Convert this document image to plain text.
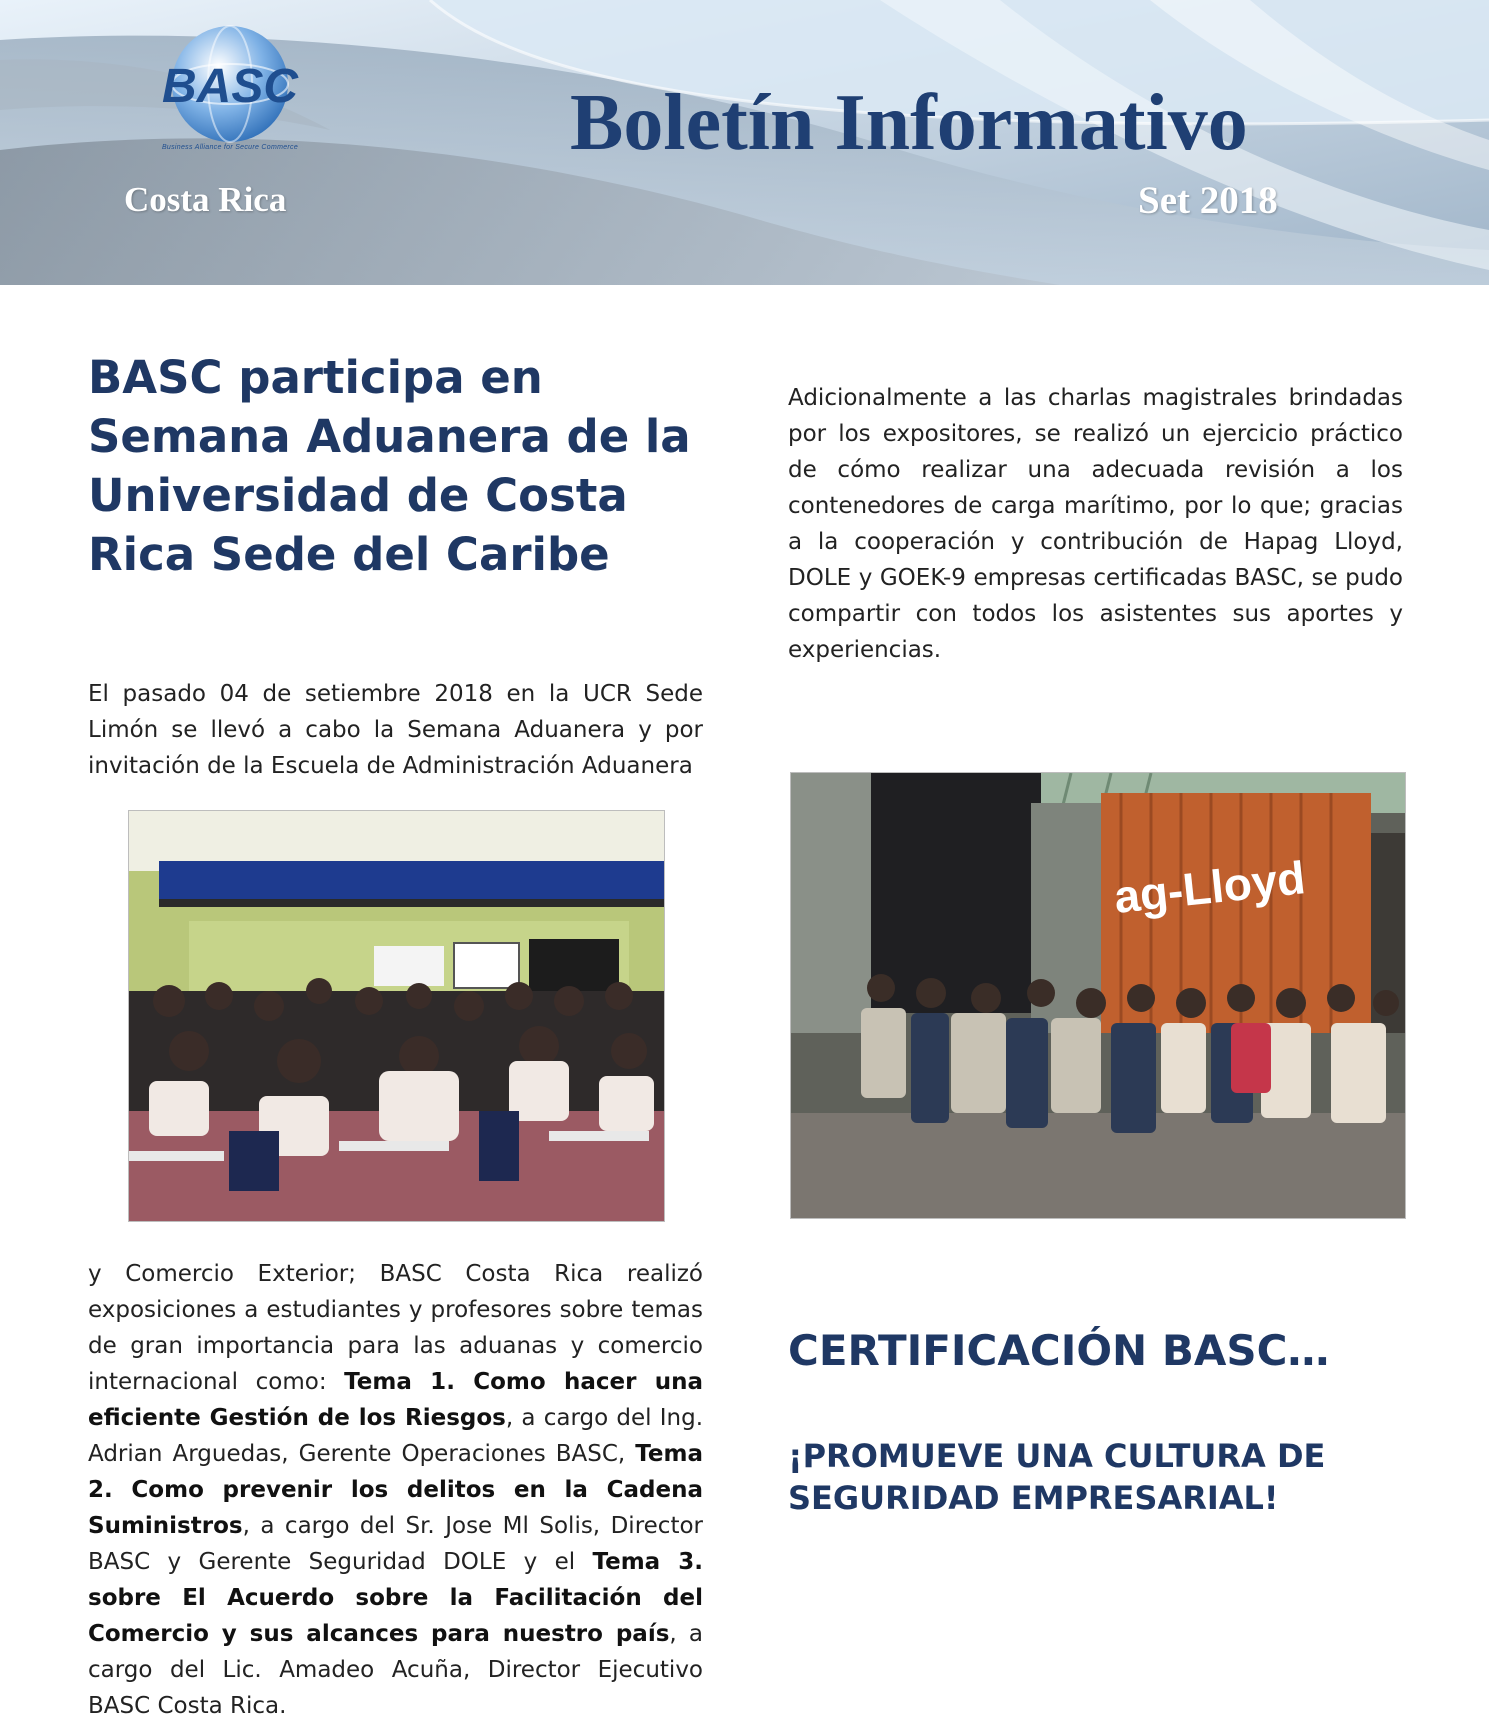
BASC
Business Alliance for Secure Commerce
Costa Rica
Boletín Informativo
Set 2018
BASC participa en Semana Aduanera de la Universidad de Costa Rica Sede del Caribe

El pasado 04 de setiembre 2018 en la UCR Sede Limón se llevó a cabo la Semana Aduanera y por invitación de la Escuela de Administración Aduanera

y Comercio Exterior; BASC Costa Rica realizó exposiciones a estudiantes y profesores sobre temas de gran importancia para las aduanas y comercio internacional como: Tema 1. Como hacer una eficiente Gestión de los Riesgos, a cargo del Ing. Adrian Arguedas, Gerente Operaciones BASC, Tema 2. Como prevenir los delitos en la Cadena Suministros, a cargo del Sr. Jose Ml Solis, Director BASC y Gerente Seguridad DOLE y el Tema 3. sobre El Acuerdo sobre la Facilitación del Comercio y sus alcances para nuestro país, a cargo del Lic. Amadeo Acuña, Director Ejecutivo BASC Costa Rica.

Adicionalmente a las charlas magistrales brindadas por los expositores, se realizó un ejercicio práctico de cómo realizar una adecuada revisión a los contenedores de carga marítimo, por lo que; gracias a la cooperación y contribución de Hapag Lloyd, DOLE y GOEK-9 empresas certificadas BASC, se pudo compartir con todos los asistentes sus aportes y experiencias.

ag-Lloyd
CERTIFICACIÓN BASC…

¡PROMUEVE UNA CULTURA DE SEGURIDAD EMPRESARIAL!
